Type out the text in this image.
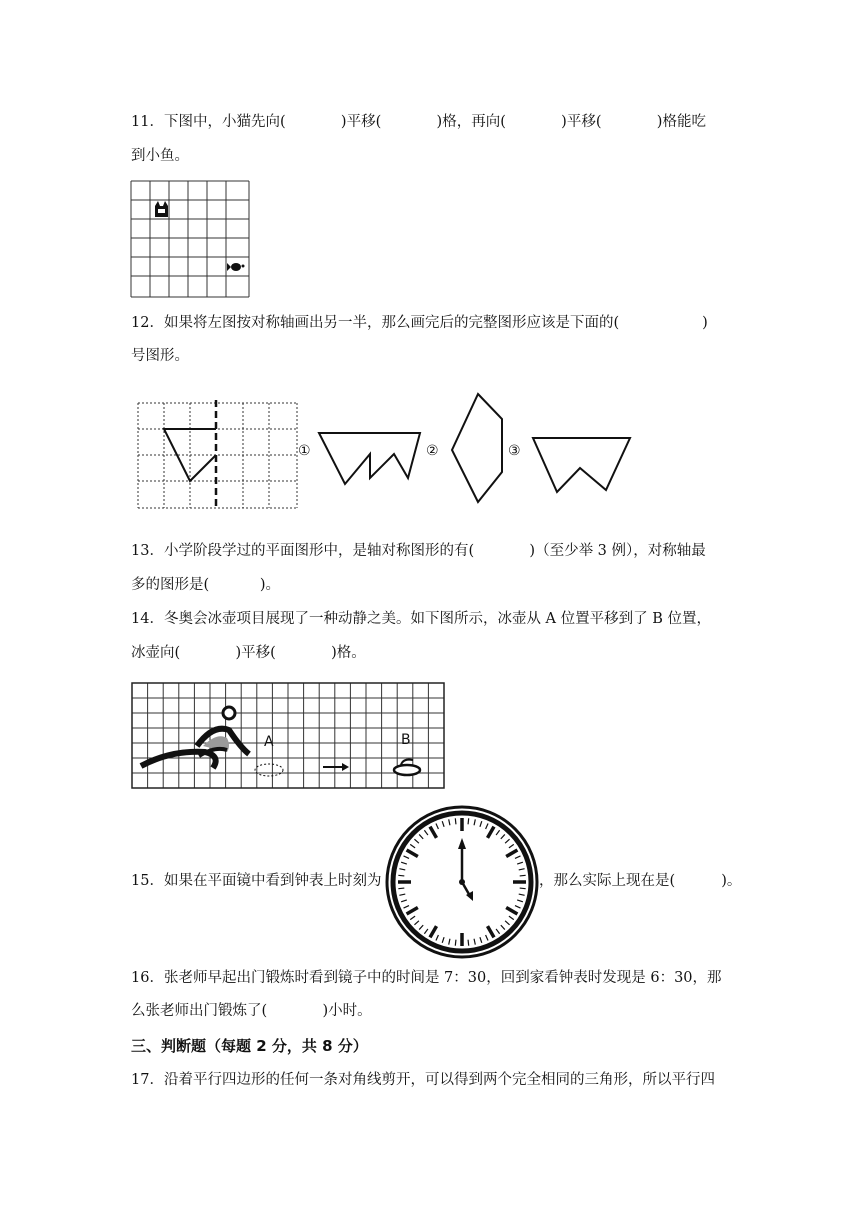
11．下图中，小猫先向(            )平移(            )格，再向(            )平移(            )格能吃
到小鱼。
12．如果将左图按对称轴画出另一半，那么画完后的完整图形应该是下面的(                  )
号图形。
①	②	③
13．小学阶段学过的平面图形中，是轴对称图形的有(            )（至少举 3 例），对称轴最
多的图形是(           )。
14．冬奥会冰壶项目展现了一种动静之美。如下图所示，冰壶从 A 位置平移到了 B 位置，
冰壶向(            )平移(            )格。
A	B
15．如果在平面镜中看到钟表上时刻为	，那么实际上现在是(          )。
16．张老师早起出门锻炼时看到镜子中的时间是 7：30，回到家看钟表时发现是 6：30，那
么张老师出门锻炼了(            )小时。
三、判断题（每题 2 分，共 8 分）
17．沿着平行四边形的任何一条对角线剪开，可以得到两个完全相同的三角形，所以平行四
